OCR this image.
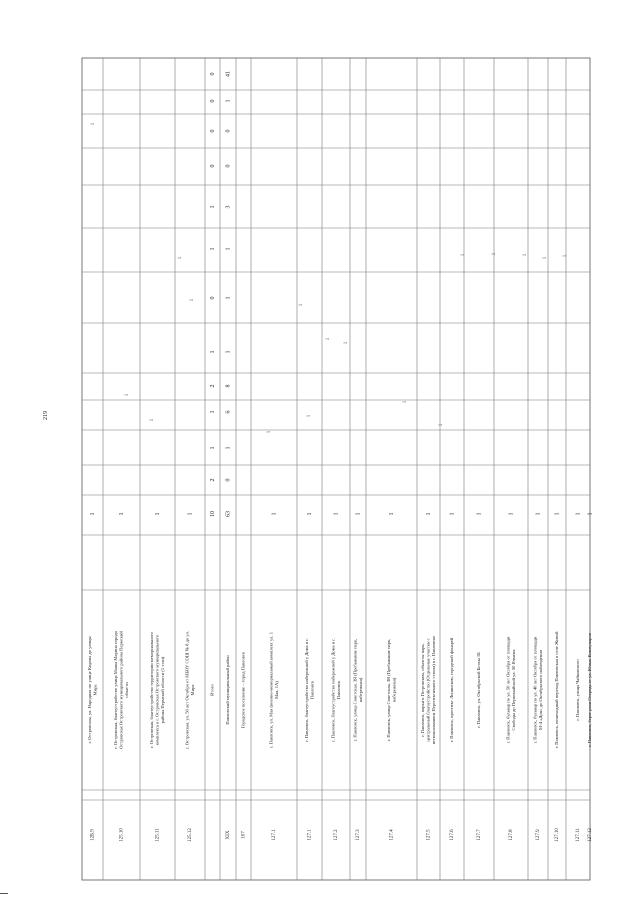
219
12Б.9
г. Островская, ул. Народная по улице Кирова до улицы Мира
1
125.10
г. Островская, благоустройство улица Маяка Марина города Островская Островского муниципального района Пермский области
1
125.11
г. Островская, благоустройство территории мемориального комплекса в г. Островская Островского муниципального района Пермской области (1 этап)
1
125.12
г. Островская, ул. 50 лет Октября от МБОУ СОШ № 8 до ул. Мира
1
Итого
10
2
1
1
2
1
0
1
1
0
0
0
0
XIX
Павловский муниципальный район
63
0
1
6
8
1
1
1
3
0
0
1
41
107
Городское поселение – город Павловск
127.1
г. Павловск, ул. Мая (военно-мемориальный комплекс ул. 1 Мая, 1А)
1
127.1
г. Павловск, благоустройство набережной у Дома и г. Павловск
1
127.2
г. Павловск, благоустройство набережной у Дома и г. Павловск
1
127.3
г. Павловск, улица Советская, ЗЯ (Пребывание парк, набережная)
1
127.4
г. Павловск, улица Советская, ЗЯ (Пребывание парк, набережная)
1
127.5
г. Павловск, парки в Петровском, объекты парк, центральный благоустройство (Отдельные участки с использованием Перспективного ствола) в г. Павловске
1
127.6
г. Павловск, проспект Ленинском, городской фонарей
1
127.7
г. Павловск, ул. Октябрьской Ботвы 1Б
1
127.8
г. Павловск, бульвар по ул. 50 лет Октября от площади Свободы до Первомайской ул. 50 Ячменя
1
127.9
г. Павловск, бульвар по ул. 40 лет Октября от площади М-4 «Дон» до Октябрьского наблюдения
1
127.10
г. Павловск, пешеходный переход Павловская в селе Живой
1
127.11
г. Павловск, улица Чайковского
1
127.12
г. Павловск, берег реки Осередь от ул. Юных Коммунаров
1
1
1
1
1
1
1
1
1
1
1
1
1	1	1
1
1
1
